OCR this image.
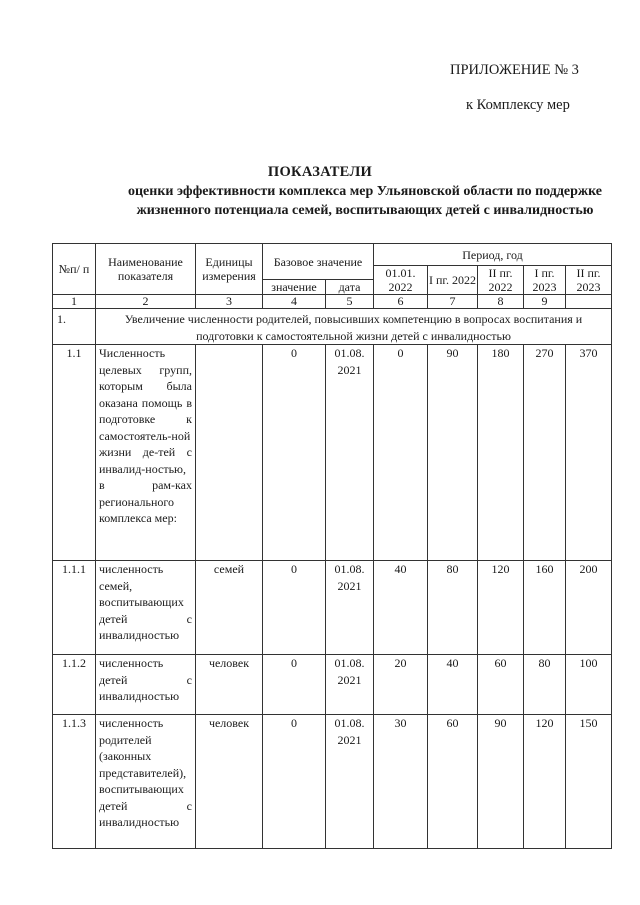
ПРИЛОЖЕНИЕ № 3
к Комплексу мер
ПОКАЗАТЕЛИ
оценки эффективности комплекса мер Ульяновской области по поддержке жизненного потенциала семей, воспитывающих детей с инвалидностью
№п/ п	Наименование показателя	Единицы измерения	Базовое значение		Период, год				
					01.01. 2022	I пг. 2022	II пг. 2022	I пг. 2023	II пг. 2023
			значение	дата					
1	2	3	4	5	6	7	8	9	
1.	Увеличение численности родителей, повысивших компетенцию в вопросах воспитания и подготовки к самостоятельной жизни детей с инвалидностью								
1.1	Численность целевых групп, которым была оказана помощь в подготовке к самостоятель-ной жизни де-тей с инвалид-ностью, в рам-ках регионального комплекса мер:		0	01.08. 2021	0	90	180	270	370
1.1.1	численность семей, воспитывающих детей с инвалидностью	семей	0	01.08. 2021	40	80	120	160	200
1.1.2	численность детей с инвалидностью	человек	0	01.08. 2021	20	40	60	80	100
1.1.3	численность родителей (законных представителей), воспитывающих детей с инвалидностью	человек	0	01.08. 2021	30	60	90	120	150
